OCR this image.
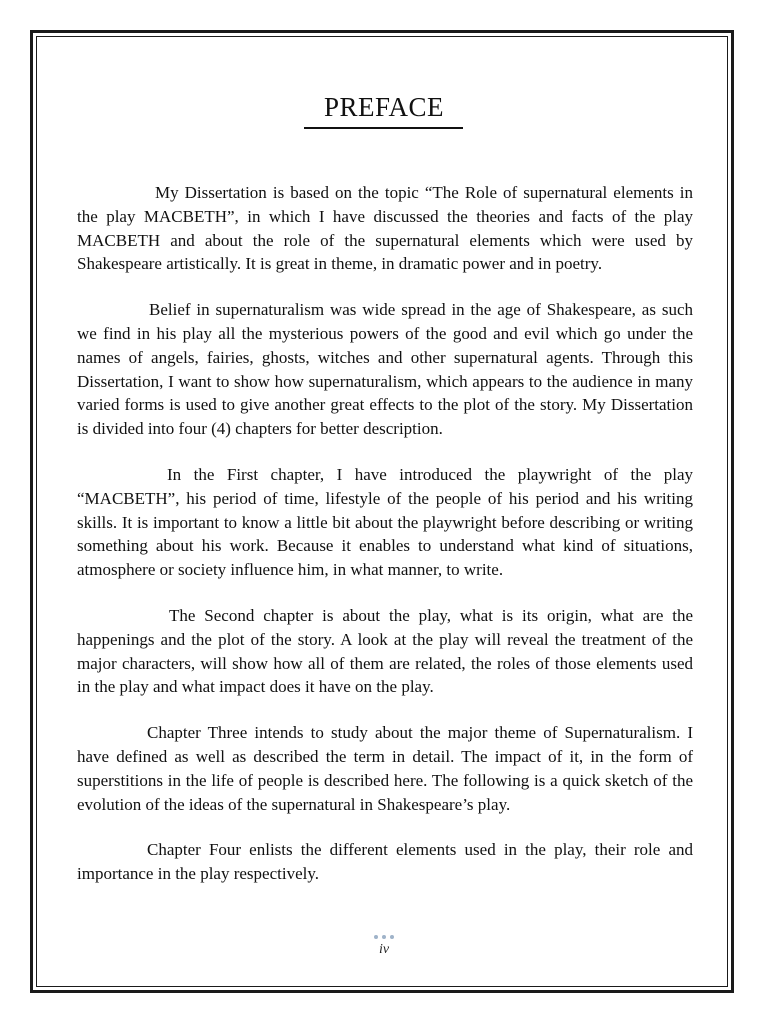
PREFACE

My Dissertation is based on the topic “The Role of supernatural elements in the play MACBETH”, in which I have discussed the theories and facts of the play MACBETH and about the role of the supernatural elements which were used by Shakespeare artistically. It is great in theme, in dramatic power and in poetry.

Belief in supernaturalism was wide spread in the age of Shakespeare, as such we find in his play all the mysterious powers of the good and evil which go under the names of angels, fairies, ghosts, witches and other supernatural agents. Through this Dissertation, I want to show how supernaturalism, which appears to the audience in many varied forms is used to give another great effects to the plot of the story. My Dissertation is divided into four (4) chapters for better description.

In the First chapter, I have introduced the playwright of the play “MACBETH”, his period of time, lifestyle of the people of his period and his writing skills. It is important to know a little bit about the playwright before describing or writing something about his work. Because it enables to understand what kind of situations, atmosphere or society influence him, in what manner, to write.

The Second chapter is about the play, what is its origin, what are the happenings and the plot of the story. A look at the play will reveal the treatment of the major characters, will show how all of them are related, the roles of those elements used in the play and what impact does it have on the play.

Chapter Three intends to study about the major theme of Supernaturalism. I have defined as well as described the term in detail. The impact of it, in the form of superstitions in the life of people is described here. The following is a quick sketch of the evolution of the ideas of the supernatural in Shakespeare’s play.

Chapter Four enlists the different elements used in the play, their role and importance in the play respectively.

iv
